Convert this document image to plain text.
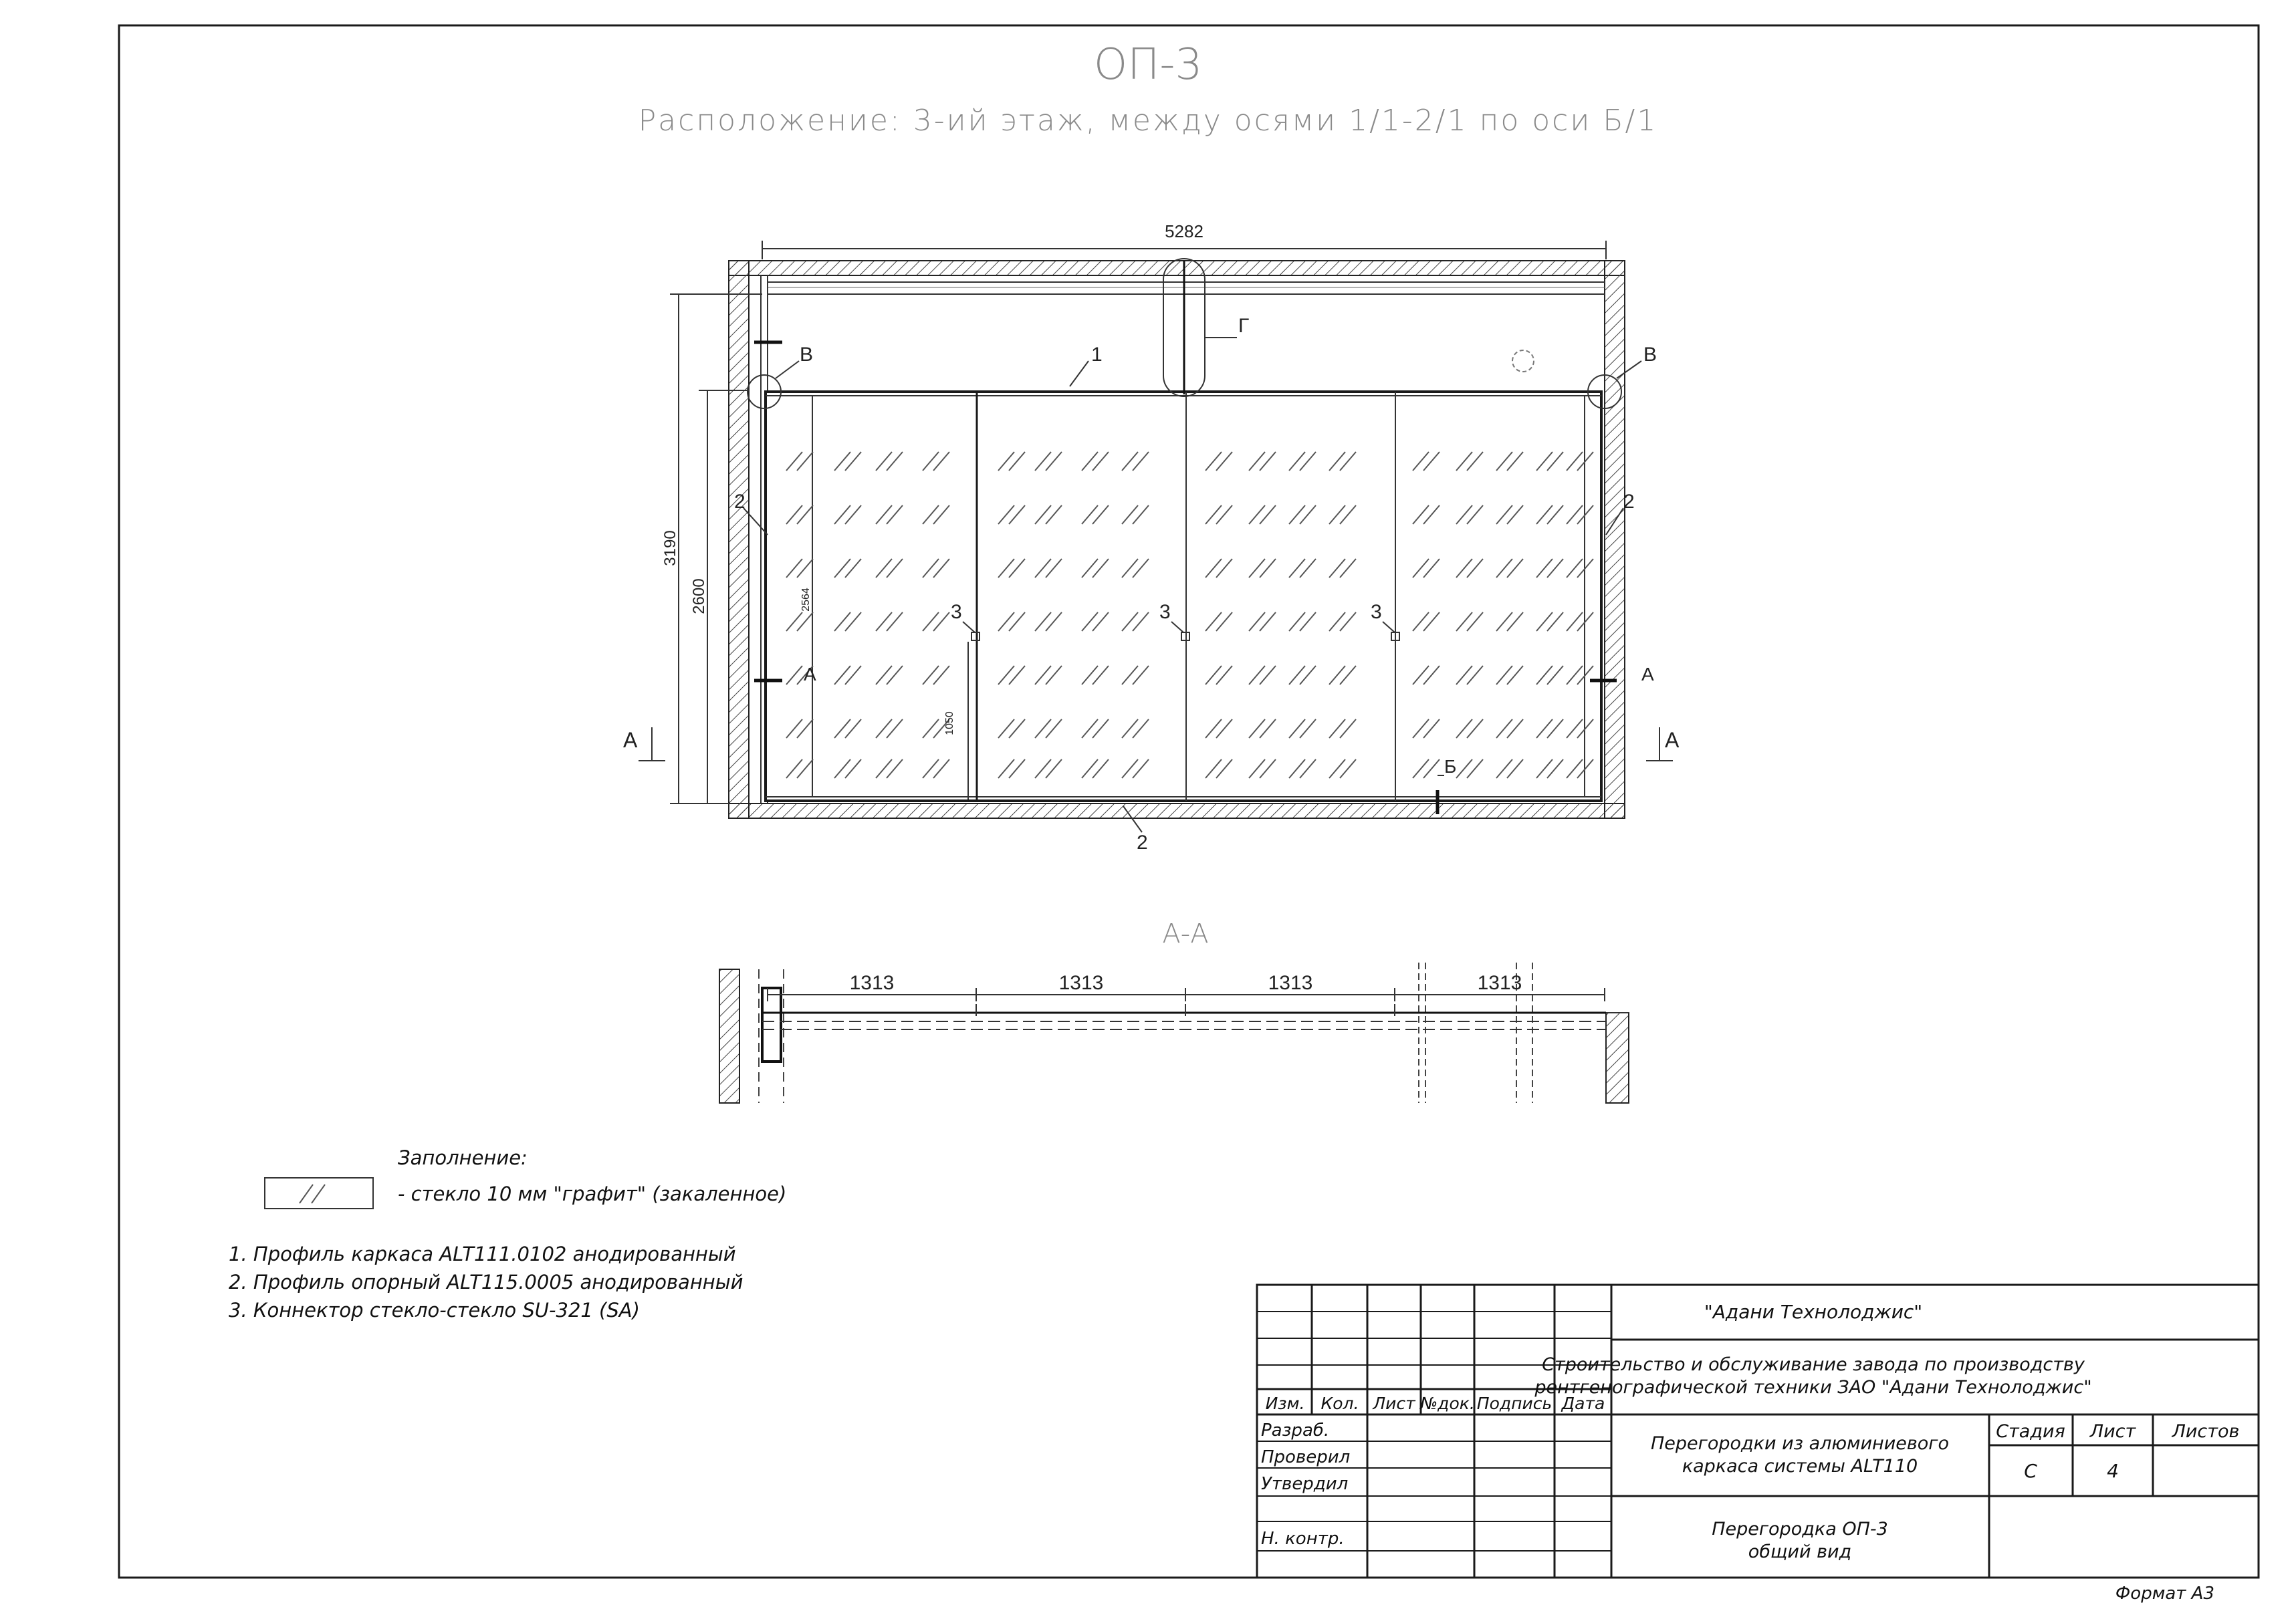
ОП-3
Расположение: 3-ий этаж, между осями 1/1-2/1 по оси Б/1
5282
3190
2600	2564
1050
1
Г
В	В
2	2
2
3	3	3
А	А
Б
А	А
А-А
1313	1313	1313	1313
Заполнение:
- стекло 10 мм "графит" (закаленное)
1. Профиль каркаса ALT111.0102 анодированный
2. Профиль опорный ALT115.0005 анодированный
3. Коннектор стекло-стекло SU-321 (SA)
Изм. Кол. Лист №док. Подпись Дата
Разраб.
Проверил
Утвердил
Н. контр.
"Адани Технолоджис"
Строительство и обслуживание завода по производству
рентгенографической техники ЗАО "Адани Технолоджис"
Перегородки из алюминиевого
каркаса системы ALT110
Стадия Лист Листов
С	4
Перегородка ОП-3
общий вид
Формат А3
